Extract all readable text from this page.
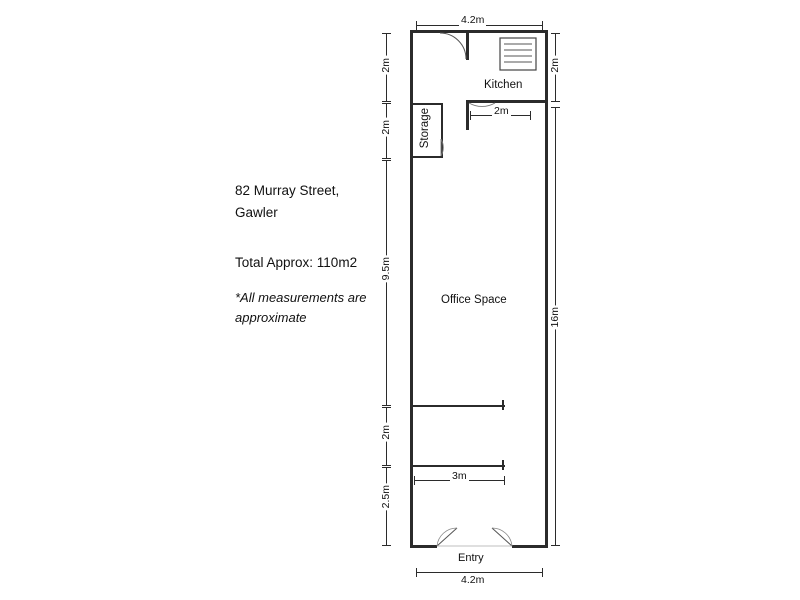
82 Murray Street,
Gawler
Total Approx: 110m2
*All measurements are approximate
Kitchen
Storage
Office Space
4.2m
2m
16m
2m
2m
9.5m
2m
2.5m
2m
3m
Entry
4.2m
